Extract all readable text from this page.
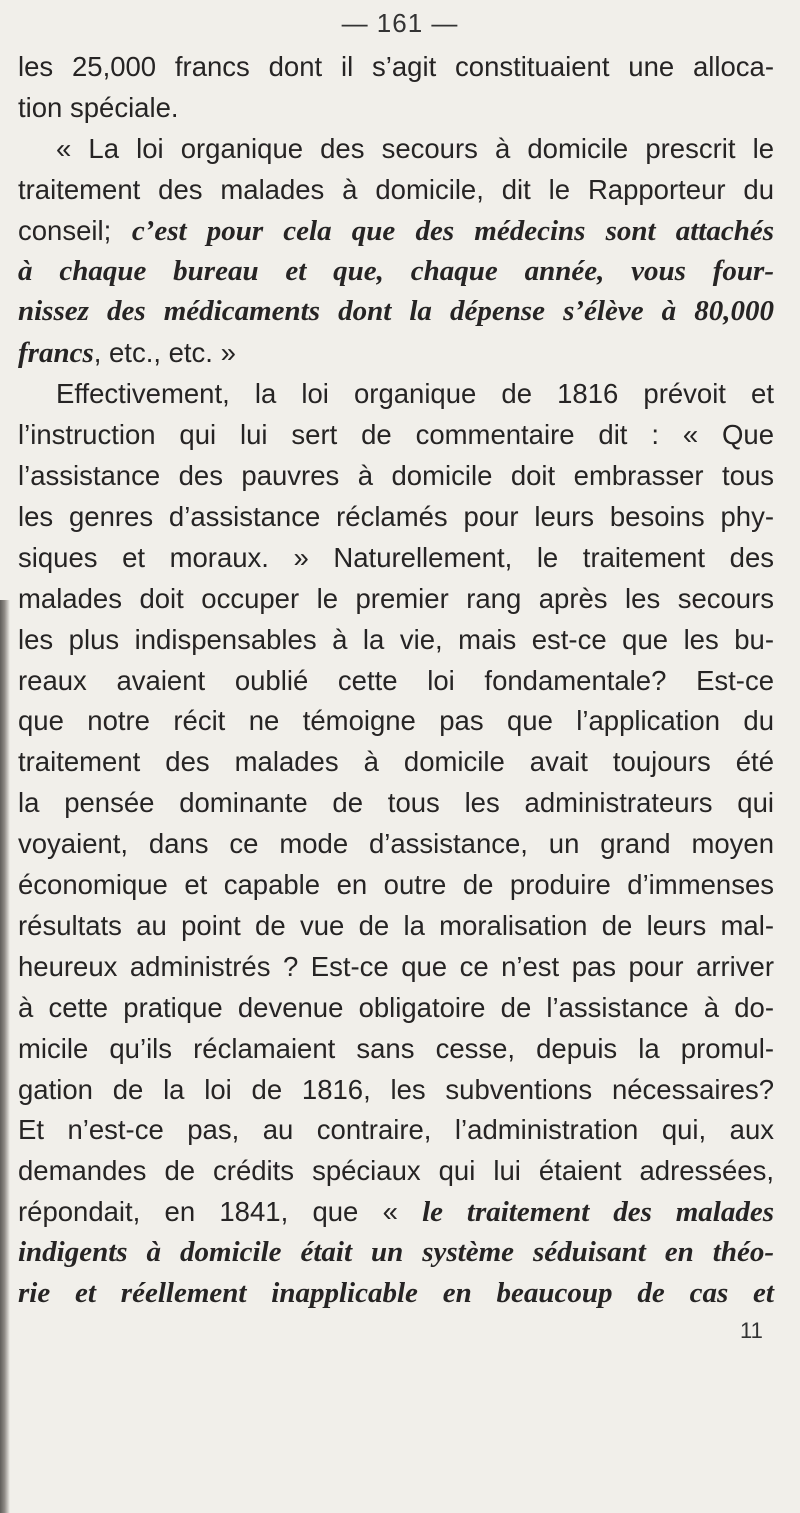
— 161 —
les 25,000 francs dont il s’agit constituaient une alloca-
tion spéciale.
« La loi organique des secours à domicile prescrit le
traitement des malades à domicile, dit le Rapporteur du
conseil; c’est pour cela que des médecins sont attachés
à chaque bureau et que, chaque année, vous four-
nissez des médicaments dont la dépense s’élève à 80,000
francs, etc., etc. »
Effectivement, la loi organique de 1816 prévoit et
l’instruction qui lui sert de commentaire dit : « Que
l’assistance des pauvres à domicile doit embrasser tous
les genres d’assistance réclamés pour leurs besoins phy-
siques et moraux. » Naturellement, le traitement des
malades doit occuper le premier rang après les secours
les plus indispensables à la vie, mais est-ce que les bu-
reaux avaient oublié cette loi fondamentale? Est-ce
que notre récit ne témoigne pas que l’application du
traitement des malades à domicile avait toujours été
la pensée dominante de tous les administrateurs qui
voyaient, dans ce mode d’assistance, un grand moyen
économique et capable en outre de produire d’immenses
résultats au point de vue de la moralisation de leurs mal-
heureux administrés ? Est-ce que ce n’est pas pour arriver
à cette pratique devenue obligatoire de l’assistance à do-
micile qu’ils réclamaient sans cesse, depuis la promul-
gation de la loi de 1816, les subventions nécessaires?
Et n’est-ce pas, au contraire, l’administration qui, aux
demandes de crédits spéciaux qui lui étaient adressées,
répondait, en 1841, que « le traitement des malades
indigents à domicile était un système séduisant en théo-
rie et réellement inapplicable en beaucoup de cas et
11
